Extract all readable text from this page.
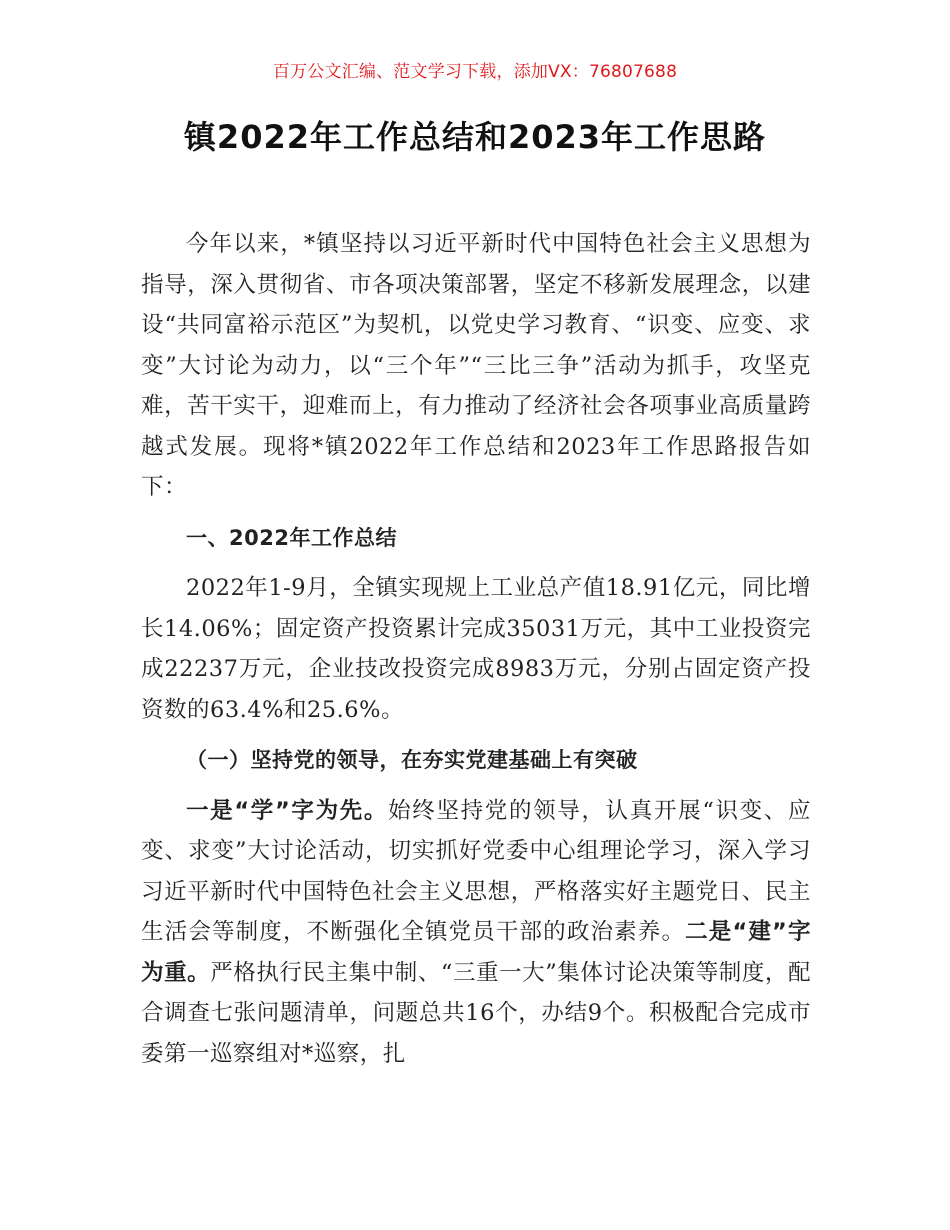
百万公文汇编、范文学习下载，添加VX：76807688
镇2022年工作总结和2023年工作思路

今年以来，*镇坚持以习近平新时代中国特色社会主义思想为指导，深入贯彻省、市各项决策部署，坚定不移新发展理念，以建设“共同富裕示范区”为契机，以党史学习教育、“识变、应变、求变”大讨论为动力，以“三个年”“三比三争”活动为抓手，攻坚克难，苦干实干，迎难而上，有力推动了经济社会各项事业高质量跨越式发展。现将*镇2022年工作总结和2023年工作思路报告如下：

一、2022年工作总结

2022年1-9月，全镇实现规上工业总产值18.91亿元，同比增长14.06%；固定资产投资累计完成35031万元，其中工业投资完成22237万元，企业技改投资完成8983万元，分别占固定资产投资数的63.4%和25.6%。

（一）坚持党的领导，在夯实党建基础上有突破

一是“学”字为先。始终坚持党的领导，认真开展“识变、应变、求变”大讨论活动，切实抓好党委中心组理论学习，深入学习习近平新时代中国特色社会主义思想，严格落实好主题党日、民主生活会等制度，不断强化全镇党员干部的政治素养。二是“建”字为重。严格执行民主集中制、“三重一大”集体讨论决策等制度，配合调查七张问题清单，问题总共16个，办结9个。积极配合完成市委第一巡察组对*巡察，扎
